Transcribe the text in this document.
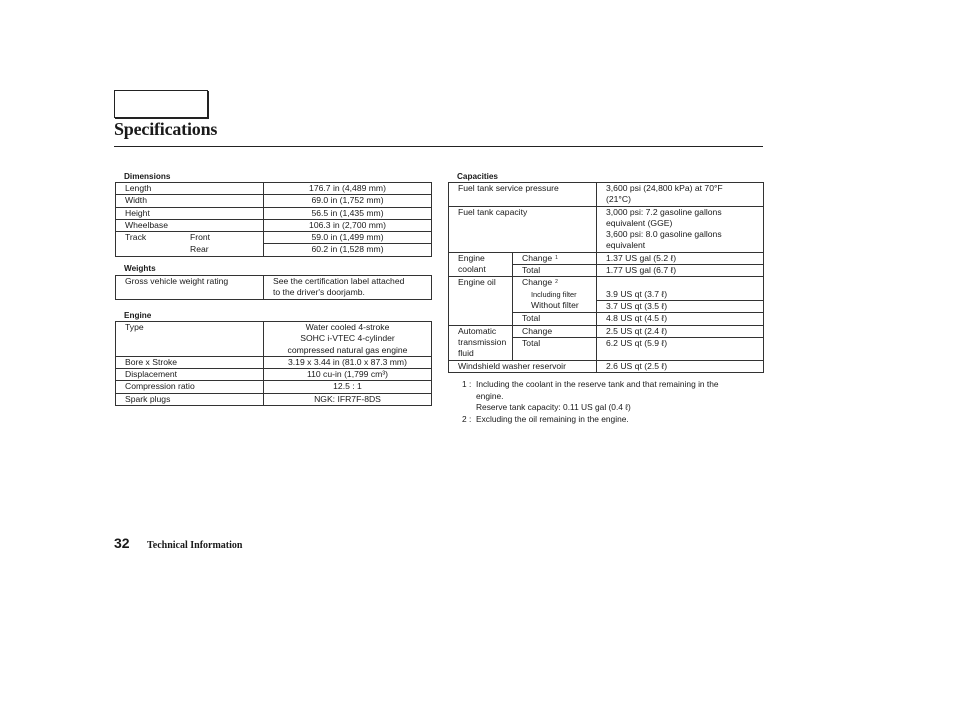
Specifications
Dimensions
Length	176.7 in (4,489 mm)
Width	69.0 in (1,752 mm)
Height	56.5 in (1,435 mm)
Wheelbase	106.3 in (2,700 mm)
Track Front	59.0 in (1,499 mm)
Rear	60.2 in (1,528 mm)
Weights
Gross vehicle weight rating	See the certification label attached
to the driver's doorjamb.
Engine
Type	Water cooled 4-stroke
SOHC i-VTEC 4-cylinder
compressed natural gas engine

Bore x Stroke	3.19 x 3.44 in (81.0 x 87.3 mm)
Displacement	110 cu-in (1,799 cm³)
Compression ratio	12.5 : 1
Spark plugs	NGK: IFR7F-8DS
Capacities
Fuel tank service pressure		3,600 psi (24,800 kPa) at 70°F
(21°C)

Fuel tank capacity		3,000 psi: 7.2 gasoline gallons
equivalent (GGE)
3,600 psi: 8.0 gasoline gallons
equivalent

Engine
coolant	Change $^1$	1.37 US gal (5.2 ℓ)
	Total	1.77 US gal (6.7 ℓ)
Engine oil	Change $^2$	
	Including filter	3.9 US qt (3.7 ℓ)
	Without filter	3.7 US qt (3.5 ℓ)
	Total	4.8 US qt (4.5 ℓ)

Automatic
transmission
fluid	Change	2.5 US qt (2.4 ℓ)
	Total	6.2 US qt (5.9 ℓ)
Windshield washer reservoir		2.6 US qt (2.5 ℓ)
1 : Including the coolant in the reserve tank and that remaining in the
engine.
Reserve tank capacity: 0.11 US gal (0.4 ℓ)
2 : Excluding the oil remaining in the engine.
32 Technical Information
